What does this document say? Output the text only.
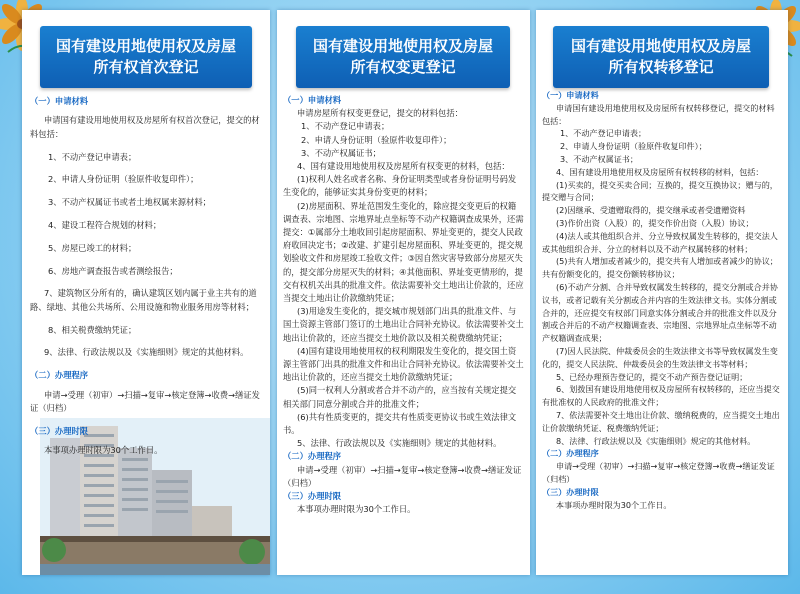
国有建设用地使用权及房屋
所有权首次登记
国有建设用地使用权及房屋
所有权变更登记
国有建设用地使用权及房屋
所有权转移登记
（一）申请材料
申请国有建设用地使用权及房屋所有权首次登记，提交的材料包括：
1、不动产登记申请表；
2、申请人身份证明（验原件收复印件）；
3、不动产权属证书或者土地权属来源材料；
4、建设工程符合规划的材料；
5、房屋已竣工的材料；
6、房地产调查报告或者测绘报告；
7、建筑物区分所有的，确认建筑区划内属于业主共有的道路、绿地、其他公共场所、公用设施和物业服务用房等材料；
8、相关税费缴纳凭证；
9、法律、行政法规以及《实施细则》规定的其他材料。
（二）办理程序
申请→受理（初审）→扫描→复审→核定登簿→收费→缮证发证（归档）
（三）办理时限
本事项办理时限为30个工作日。
（一）申请材料
申请房屋所有权变更登记，提交的材料包括：
1、不动产登记申请表；
2、申请人身份证明（验原件收复印件）；
3、不动产权属证书；
4、国有建设用地使用权及房屋所有权变更的材料，包括：
(1)权利人姓名或者名称、身份证明类型或者身份证明号码发生变化的，能够证实其身份变更的材料；
(2)房屋面积、界址范围发生变化的，除应提交变更后的权籍调查表、宗地图、宗地界址点坐标等不动产权籍调查成果外，还需提交：①属部分土地收回引起房屋面积、界址变更的，提交人民政府收回决定书；②改建、扩建引起房屋面积、界址变更的，提交规划验收文件和房屋竣工验收文件；③因自然灾害导致部分房屋灭失的，提交部分房屋灭失的材料；④其他面积、界址变更情形的，提交有权机关出具的批准文件。依法需要补交土地出让价款的，还应当提交土地出让价款缴纳凭证；
(3)用途发生变化的，提交城市规划部门出具的批准文件、与国土资源主管部门签订的土地出让合同补充协议。依法需要补交土地出让价款的，还应当提交土地价款以及相关税费缴纳凭证；
(4)国有建设用地使用权的权利期限发生变化的，提交国土资源主管部门出具的批准文件和出让合同补充协议。依法需要补交土地出让价款的，还应当提交土地价款缴纳凭证；
(5)同一权利人分割或者合并不动产的，应当按有关规定提交相关部门同意分割或合并的批准文件；
(6)共有性质变更的，提交共有性质变更协议书或生效法律文书。
5、法律、行政法规以及《实施细则》规定的其他材料。
（二）办理程序
申请→受理（初审）→扫描→复审→核定登簿→收费→缮证发证（归档）
（三）办理时限
本事项办理时限为30个工作日。
（一）申请材料
申请国有建设用地使用权及房屋所有权转移登记，提交的材料包括：
1、不动产登记申请表；
2、申请人身份证明（验原件收复印件）；
3、不动产权属证书；
4、国有建设用地使用权及房屋所有权转移的材料，包括：
(1)买卖的，提交买卖合同；互换的，提交互换协议；赠与的，提交赠与合同；
(2)因继承、受遗赠取得的，提交继承或者受遗赠资料
(3)作价出资（入股）的，提交作价出资（入股）协议；
(4)法人或其他组织合并、分立导致权属发生转移的，提交法人或其他组织合并、分立的材料以及不动产权属转移的材料；
(5)共有人增加或者减少的，提交共有人增加或者减少的协议；共有份额变化的，提交份额转移协议；
(6)不动产分割、合并导致权属发生转移的，提交分割或合并协议书，或者记载有关分割或合并内容的生效法律文书。实体分割或合并的，还应提交有权部门同意实体分割或合并的批准文件以及分割或合并后的不动产权籍调查表、宗地图、宗地界址点坐标等不动产权籍调查成果；
(7)因人民法院、仲裁委员会的生效法律文书等导致权属发生变化的，提交人民法院、仲裁委员会的生效法律文书等材料；
5、已经办理预告登记的，提交不动产预告登记证明；
6、划拨国有建设用地使用权及房屋所有权转移的，还应当提交有批准权的人民政府的批准文件；
7、依法需要补交土地出让价款、缴纳税费的，应当提交土地出让价款缴纳凭证、税费缴纳凭证；
8、法律、行政法规以及《实施细则》规定的其他材料。
（二）办理程序
申请→受理（初审）→扫描→复审→核定登簿→收费→缮证发证（归档）
（三）办理时限
本事项办理时限为30个工作日。
